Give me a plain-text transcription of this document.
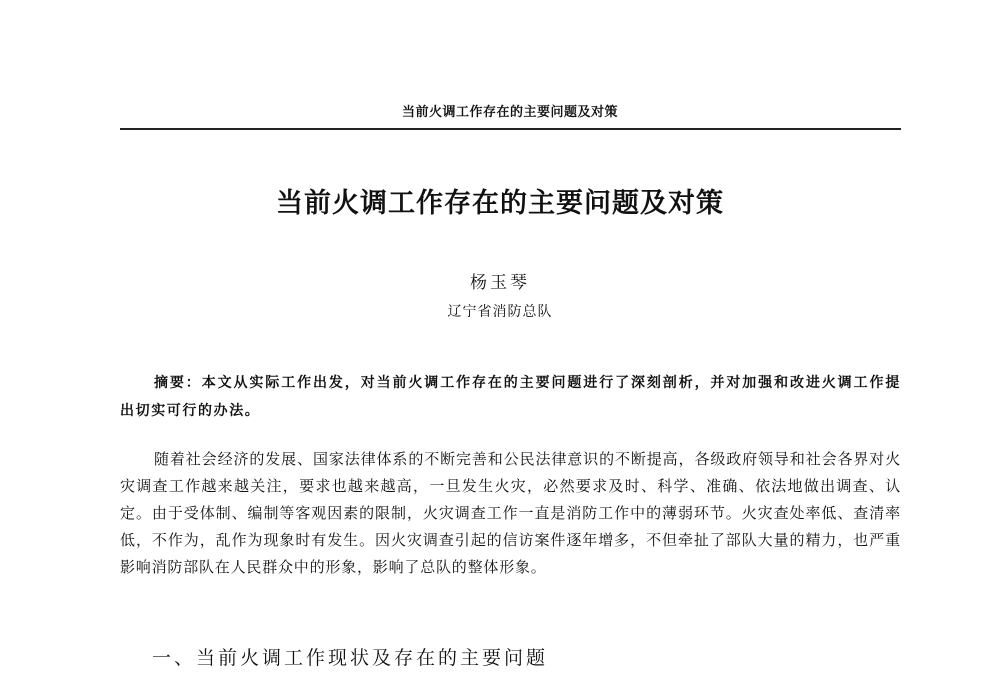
当前火调工作存在的主要问题及对策
当前火调工作存在的主要问题及对策
杨玉琴
辽宁省消防总队
摘要：本文从实际工作出发，对当前火调工作存在的主要问题进行了深刻剖析，并对加强和改进火调工作提出切实可行的办法。
随着社会经济的发展、国家法律体系的不断完善和公民法律意识的不断提高，各级政府领导和社会各界对火灾调查工作越来越关注，要求也越来越高，一旦发生火灾，必然要求及时、科学、准确、依法地做出调查、认定。由于受体制、编制等客观因素的限制，火灾调查工作一直是消防工作中的薄弱环节。火灾查处率低、查清率低，不作为，乱作为现象时有发生。因火灾调查引起的信访案件逐年增多，不但牵扯了部队大量的精力，也严重影响消防部队在人民群众中的形象，影响了总队的整体形象。
一、当前火调工作现状及存在的主要问题
